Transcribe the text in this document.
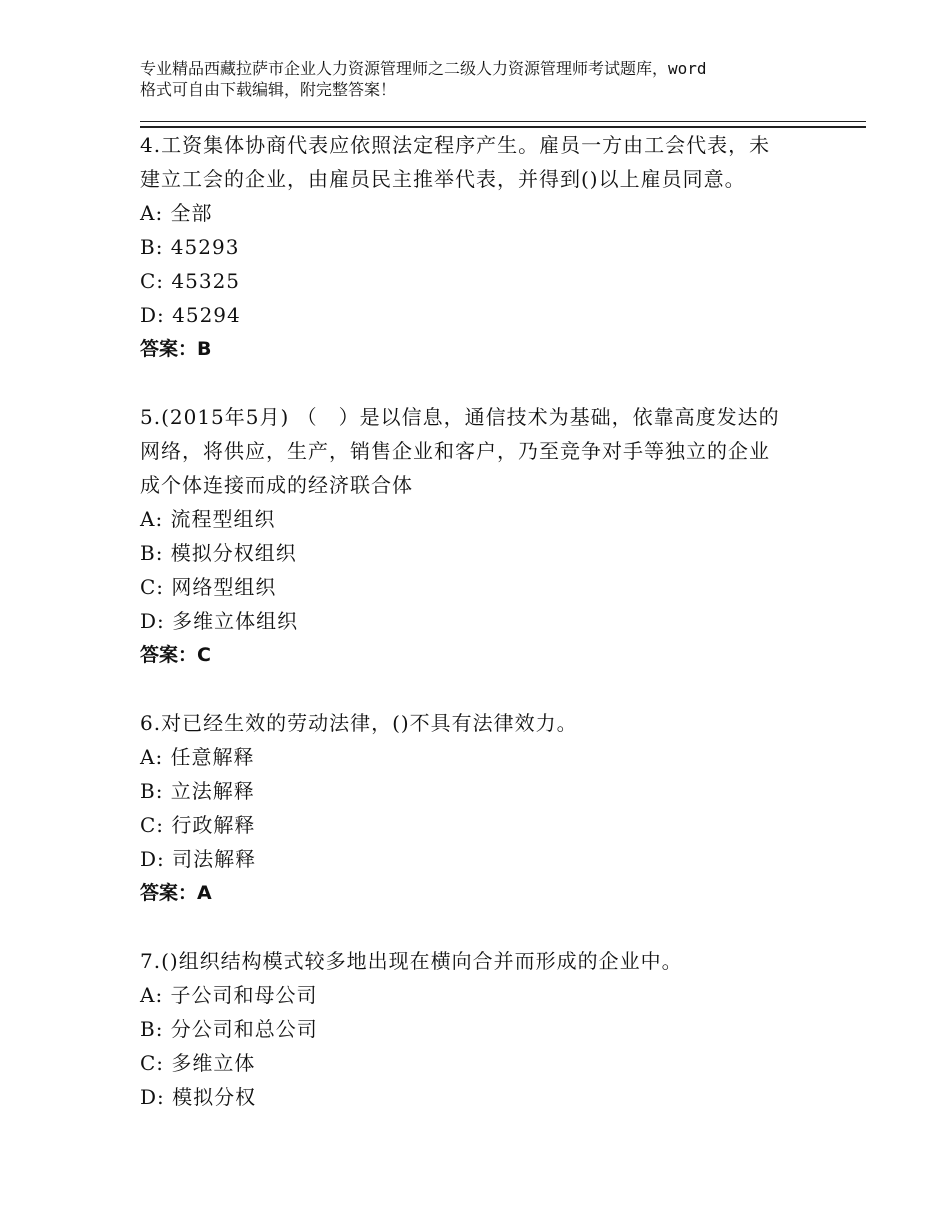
专业精品西藏拉萨市企业人力资源管理师之二级人力资源管理师考试题库，word
格式可自由下载编辑，附完整答案！

4.工资集体协商代表应依照法定程序产生。雇员一方由工会代表，未

建立工会的企业，由雇员民主推举代表，并得到()以上雇员同意。

A: 全部

B: 45293

C: 45325

D: 45294

答案：B

5.(2015年5月) （　）是以信息，通信技术为基础，依靠高度发达的

网络，将供应，生产，销售企业和客户，乃至竞争对手等独立的企业

成个体连接而成的经济联合体

A: 流程型组织

B: 模拟分权组织

C: 网络型组织

D: 多维立体组织

答案：C

6.对已经生效的劳动法律，()不具有法律效力。

A: 任意解释

B: 立法解释

C: 行政解释

D: 司法解释

答案：A

7.()组织结构模式较多地出现在横向合并而形成的企业中。

A: 子公司和母公司

B: 分公司和总公司

C: 多维立体

D: 模拟分权
